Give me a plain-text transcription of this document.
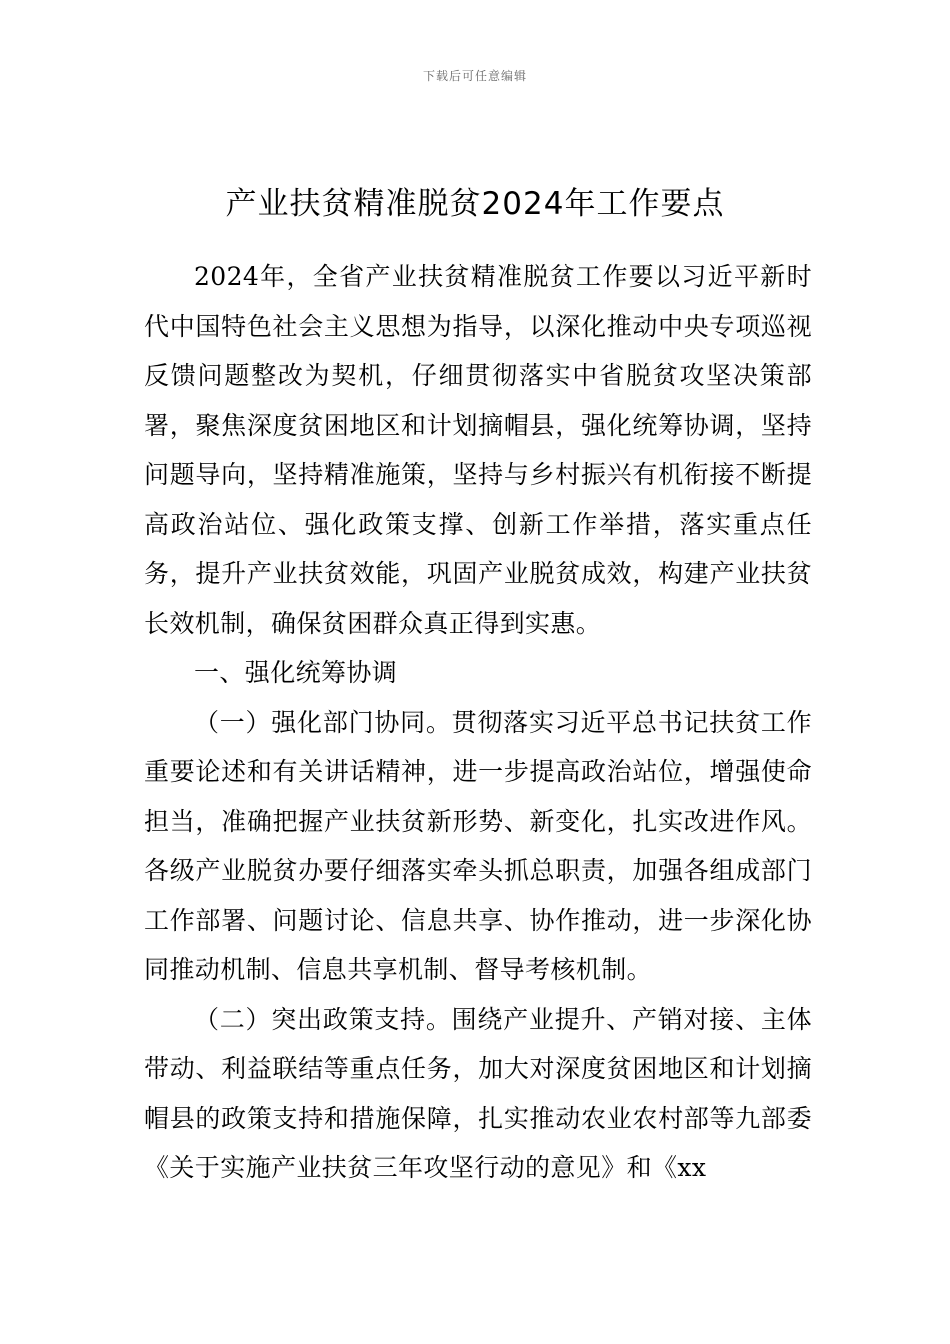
下载后可任意编辑
产业扶贫精准脱贫2024年工作要点

2024年，全省产业扶贫精准脱贫工作要以习近平新时代中国特色社会主义思想为指导，以深化推动中央专项巡视反馈问题整改为契机，仔细贯彻落实中省脱贫攻坚决策部署，聚焦深度贫困地区和计划摘帽县，强化统筹协调，坚持问题导向，坚持精准施策，坚持与乡村振兴有机衔接不断提高政治站位、强化政策支撑、创新工作举措，落实重点任务，提升产业扶贫效能，巩固产业脱贫成效，构建产业扶贫长效机制，确保贫困群众真正得到实惠。

一、强化统筹协调

（一）强化部门协同。贯彻落实习近平总书记扶贫工作重要论述和有关讲话精神，进一步提高政治站位，增强使命担当，准确把握产业扶贫新形势、新变化，扎实改进作风。各级产业脱贫办要仔细落实牵头抓总职责，加强各组成部门工作部署、问题讨论、信息共享、协作推动，进一步深化协同推动机制、信息共享机制、督导考核机制。

（二）突出政策支持。围绕产业提升、产销对接、主体带动、利益联结等重点任务，加大对深度贫困地区和计划摘帽县的政策支持和措施保障，扎实推动农业农村部等九部委《关于实施产业扶贫三年攻坚行动的意见》和《xx
